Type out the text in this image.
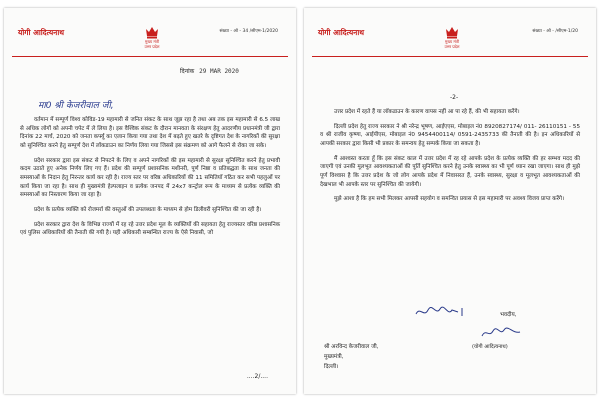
योगी आदित्यनाथ
मुख्य मंत्री
उत्तर प्रदेश
संख्या - ओ - 34 /सीएम-1/2020
दिनांक 29 MAR 2020
मा0 श्री केजरीवाल जी,

वर्तमान में सम्पूर्ण विश्व कोविड-19 महामारी से जनित संकट के साथ जूझ रहा है तथा अब तक इस महामारी से 6.5 लाख से अधिक लोगों को अपनी चपेट में ले लिया है। इस वैश्विक संकट के दौरान मानवता के संरक्षण हेतु आदरणीय प्रधानमंत्री जी द्वारा दिनांक 22 मार्च, 2020 को जनता कर्फ्यू का एलान किया गया तथा देश में बढ़ते हुए खतरे के दृष्टिगत देश के नागरिकों की सुरक्षा को सुनिश्चित करने हेतु सम्पूर्ण देश में लॉकडाउन का निर्णय लिया गया जिससे इस संक्रमण को आगे फैलने से रोका जा सके।

प्रदेश सरकार द्वारा इस संकट से निपटने के लिए व अपने नागरिकों की इस महामारी से सुरक्षा सुनिश्चित करने हेतु प्रभावी कदम उठाते हुए अनेक निर्णय लिए गए हैं। प्रदेश की सम्पूर्ण प्रशासनिक मशीनरी, पूर्ण निष्ठा व प्रतिबद्धता के साथ जनता की समस्याओं के निदान हेतु निरन्तर कार्य कर रही है। राज्य स्तर पर वरिष्ठ अधिकारियों की 11 समितियाँ गठित कर सभी पहलुओं पर कार्य किया जा रहा है। साथ ही मुख्यमंत्री हेल्पलाइन व प्रत्येक जनपद में 24x7 कन्ट्रोल रूम के माध्यम से प्रत्येक व्यक्ति की समस्याओं का निस्तारण किया जा रहा है।

प्रदेश के प्रत्येक व्यक्ति को रोजमर्रा की वस्तुओं की उपलब्धता के माध्यम से होम डिलीवरी सुनिश्चित की जा रही है।

प्रदेश सरकार द्वारा देश के विभिन्न राज्यों में रह रहे उत्तर प्रदेश मूल के व्यक्तियों की सहायता हेतु राज्यस्तर वरिष्ठ प्रशासनिक एवं पुलिस अधिकारियों की तैनाती की गयी है। यही अधिकारी सम्बन्धित राज्य के ऐसे निवासी, जो

....2/....
योगी आदित्यनाथ
मुख्य मंत्री
उत्तर प्रदेश
संख्या - ओ - /सीएम-1/20
-2-

उत्तर प्रदेश में रहते हैं या लॉकडाउन के कारण वापस नहीं आ पा रहे हैं, की भी सहायता करेंगे।

दिल्ली प्रदेश हेतु राज्य सरकार ने श्री नरेन्द्र भूषण, आईएएस, मोबाइल नं0 8920827174/ 011- 26110151 - 55 व श्री राजीव कृष्णा, आईपीएस, मोबाइल नं0 9454400114/ 0591-2435733 की तैनाती की है। इन अधिकारियों से आपकी सरकार द्वारा किसी भी प्रकार के समन्वय हेतु सम्पर्क किया जा सकता है।

मैं आश्वस्त करता हूँ कि इस संकट काल में उत्तर प्रदेश में रह रहे आपके प्रदेश के प्रत्येक व्यक्ति की हर सम्भव मदद की जाएगी एवं उनकी मूलभूत आवश्यकताओं की पूर्ति सुनिश्चित करने हेतु उनके स्वास्थ्य का भी पूर्ण ध्यान रखा जाएगा। साथ ही मुझे पूर्ण विश्वास है कि उत्तर प्रदेश के जो लोग आपके प्रदेश में निवासरत हैं, उनके स्वास्थ्य, सुरक्षा व मूलभूत आवश्यकताओं की देखभाल भी आपके स्तर पर सुनिश्चित की जायेगी।

मुझे आशा है कि हम सभी मिलकर आपसी सहयोग व समन्वित प्रयास से इस महामारी पर अवश्य विजय प्राप्त करेंगे।

भवदीय,
(योगी आदित्यनाथ)
श्री अरविन्द केजरीवाल जी,
मुख्यमंत्री,
दिल्ली।
